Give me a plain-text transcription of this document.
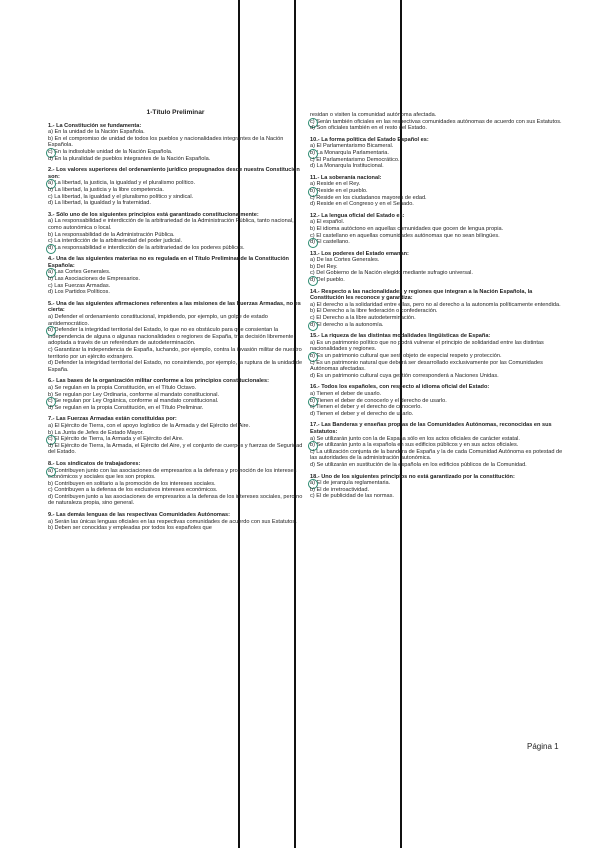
1-Título Preliminar
1.- La Constitución se fundamenta:
a) En la unidad de la Nación Española.
b) En el compromiso de unidad de todos los pueblos y nacionalidades integrantes de la Nación Española.
c) En la indisoluble unidad de la Nación Española.
d) En la pluralidad de pueblos integrantes de la Nación Española.
2.- Los valores superiores del ordenamiento jurídico propugnados desde nuestra Constitución son:
a) La libertad, la justicia, la igualdad y el pluralismo político.
b) La libertad, la justicia y la libre competencia.
c) La libertad, la igualdad y el pluralismo político y sindical.
d) La libertad, la igualdad y la fraternidad.
3.- Sólo uno de los siguientes principios está garantizado constitucionalmente:
a) La responsabilidad e interdicción de la arbitrariedad de la Administración Pública, tanto nacional, como autonómica o local.
b) La responsabilidad de la Administración Pública.
c) La interdicción de la arbitrariedad del poder judicial.
d) La responsabilidad e interdicción de la arbitrariedad de los poderes públicos.
4.- Una de las siguientes materias no es regulada en el Título Preliminar de la Constitución Española:
a) Las Cortes Generales.
b) Las Asociaciones de Empresarios.
c) Las Fuerzas Armadas.
d) Los Partidos Políticos.
5.- Una de las siguientes afirmaciones referentes a las misiones de las Fuerzas Armadas, no es cierta:
a) Defender el ordenamiento constitucional, impidiendo, por ejemplo, un golpe de estado antidemocrático.
b) Defender la integridad territorial del Estado, lo que no es obstáculo para que consientan la independencia de alguna o algunas nacionalidades o regiones de España, tras decisión libremente adoptada a través de un referéndum de autodeterminación.
c) Garantizar la independencia de España, luchando, por ejemplo, contra la invasión militar de nuestro territorio por un ejército extranjero.
d) Defender la integridad territorial del Estado, no consintiendo, por ejemplo, la ruptura de la unidad de España.
6.- Las bases de la organización militar conforme a los principios constitucionales:
a) Se regulan en la propia Constitución, en el Título Octavo.
b) Se regulan por Ley Ordinaria, conforme al mandato constitucional.
c) Se regulan por Ley Orgánica, conforme al mandato constitucional.
d) Se regulan en la propia Constitución, en el Título Preliminar.
7.- Las Fuerzas Armadas están constituidas por:
a) El Ejército de Tierra, con el apoyo logístico de la Armada y del Ejército del Aire.
b) La Junta de Jefes de Estado Mayor.
c) El Ejército de Tierra, la Armada y el Ejército del Aire.
d) El Ejército de Tierra, la Armada, el Ejército del Aire, y el conjunto de cuerpos y fuerzas de Seguridad del Estado.
8.- Los sindicatos de trabajadores:
a) Contribuyen junto con las asociaciones de empresarios a la defensa y promoción de los intereses económicos y sociales que les son propios.
b) Contribuyen en solitario a la promoción de los intereses sociales.
c) Contribuyen a la defensa de los exclusivos intereses económicos.
d) Contribuyen junto a las asociaciones de empresarios a la defensa de los intereses sociales, pero no de naturaleza propia, sino general.
9.- Las demás lenguas de las respectivas Comunidades Autónomas:
a) Serán las únicas lenguas oficiales en las respectivas comunidades de acuerdo con sus Estatutos.
b) Deben ser conocidas y empleadas por todos los españoles que
residan o visiten la comunidad autónoma afectada.
c) Serán también oficiales en las respectivas comunidades autónomas de acuerdo con sus Estatutos.
d) Son oficiales también en el resto del Estado.
10.- La forma política del Estado Español es:
a) El Parlamentarismo Bicameral.
b) La Monarquía Parlamentaria.
c) El Parlamentarismo Democrático.
d) La Monarquía Institucional.
11.- La soberanía nacional:
a) Reside en el Rey.
b) Reside en el pueblo.
c) Reside en los ciudadanos mayores de edad.
d) Reside en el Congreso y en el Senado.
12.- La lengua oficial del Estado es:
a) El español.
b) El idioma autóctono en aquellas comunidades que gocen de lengua propia.
c) El castellano en aquellas comunidades autónomas que no sean bilingües.
d) El castellano.
13.- Los poderes del Estado emanan:
a) De las Cortes Generales.
b) Del Rey.
c) Del Gobierno de la Nación elegido mediante sufragio universal.
d) Del pueblo.
14.- Respecto a las nacionalidades y regiones que integran a la Nación Española, la Constitución les reconoce y garantiza:
a) El derecho a la solidaridad entre ellas, pero no al derecho a la autonomía políticamente entendida.
b) El Derecho a la libre federación o confederación.
c) El Derecho a la libre autodeterminación.
d) El derecho a la autonomía.
15.- La riqueza de las distintas modalidades lingüísticas de España:
a) Es un patrimonio político que no podrá vulnerar el principio de solidaridad entre las distintas nacionalidades y regiones.
b) Es un patrimonio cultural que será objeto de especial respeto y protección.
c) Es un patrimonio natural que deberá ser desarrollado exclusivamente por las Comunidades Autónomas afectadas.
d) Es un patrimonio cultural cuya gestión corresponderá a Naciones Unidas.
16.- Todos los españoles, con respecto al idioma oficial del Estado:
a) Tienen el deber de usarlo.
b) Tienen el deber de conocerlo y el derecho de usarlo.
c) Tienen el deber y el derecho de conocerlo.
d) Tienen el deber y el derecho de usarlo.
17.- Las Banderas y enseñas propias de las Comunidades Autónomas, reconocidas en sus Estatutos:
a) Se utilizarán junto con la de España sólo en los actos oficiales de carácter estatal.
b) Se utilizarán junto a la española en sus edificios públicos y en sus actos oficiales.
c) La utilización conjunta de la bandera de España y la de cada Comunidad Autónoma es potestad de las autoridades de la administración autonómica.
d) Se utilizarán en sustitución de la española en los edificios públicos de la Comunidad.
18.- Uno de los siguientes principios no está garantizado por la constitución:
a) El de jerarquía reglamentaria.
b) El de irretroactividad.
c) El de publicidad de las normas.
Página 1
